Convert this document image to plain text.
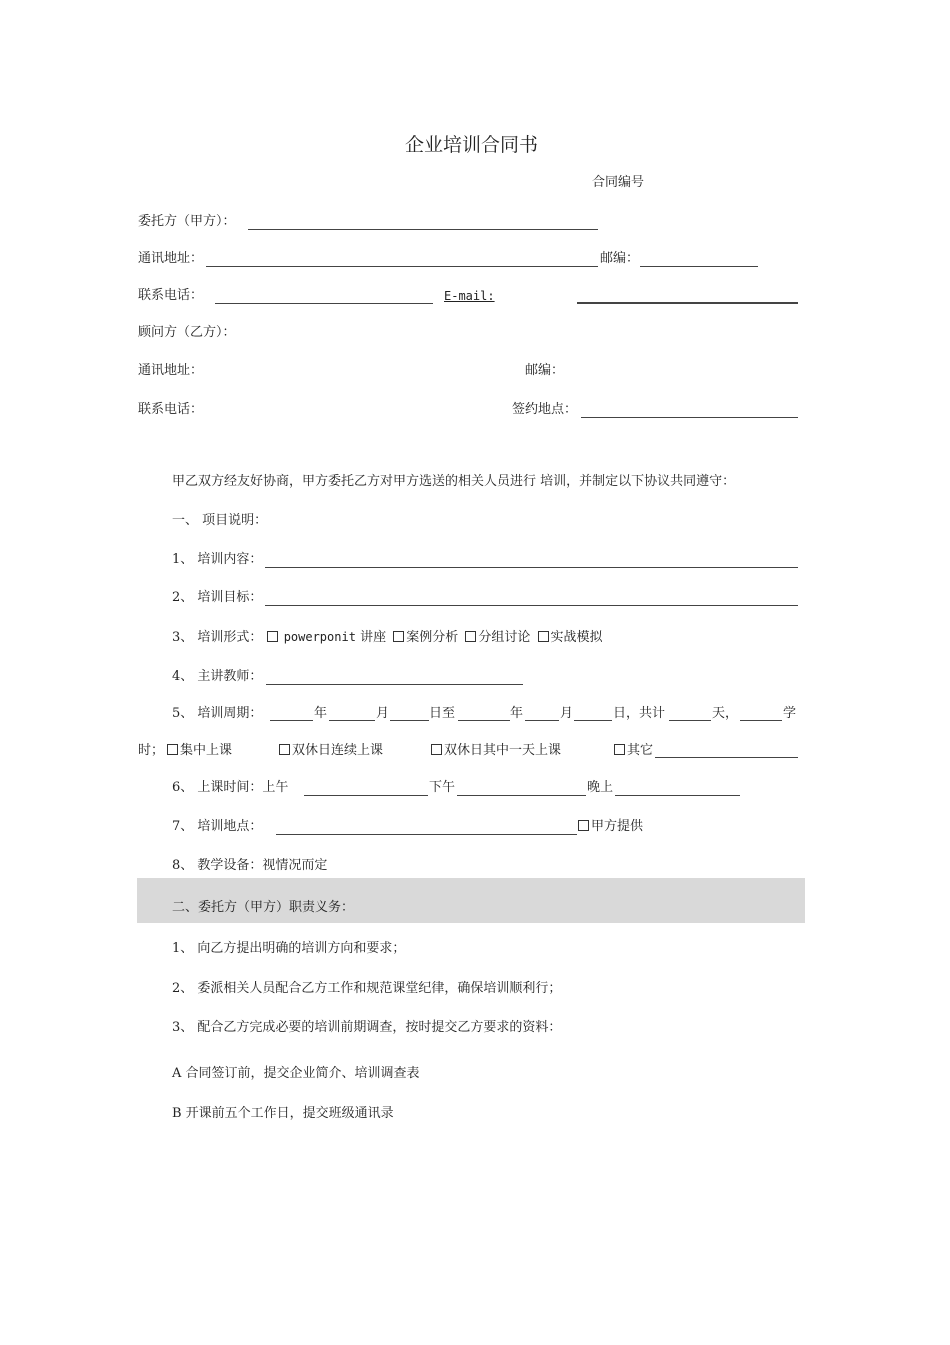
企业培训合同书
合同编号
委托方（甲方）：
通讯地址：	邮编：
联系电话：	E-mail:
顾问方（乙方）：
通讯地址：	邮编：
联系电话：	签约地点：
甲乙双方经友好协商，甲方委托乙方对甲方选送的相关人员进行 培训，并制定以下协议共同遵守：
一、 项目说明：
1、 培训内容：
2、 培训目标：
3、 培训形式： powerponit 讲座 案例分析 分组讨论 实战模拟
4、 主讲教师：
5、 培训周期：	年	月	日至	年	月	日，共计	天，	学
时；	集中上课	双休日连续上课	双休日其中一天上课	其它
6、 上课时间：上午	下午	晚上
7、 培训地点：	甲方提供
8、 教学设备：视情况而定
二、委托方（甲方）职责义务：
1、 向乙方提出明确的培训方向和要求；
2、 委派相关人员配合乙方工作和规范课堂纪律，确保培训顺利行；
3、 配合乙方完成必要的培训前期调查，按时提交乙方要求的资料：
A 合同签订前，提交企业简介、培训调查表
B 开课前五个工作日，提交班级通讯录
